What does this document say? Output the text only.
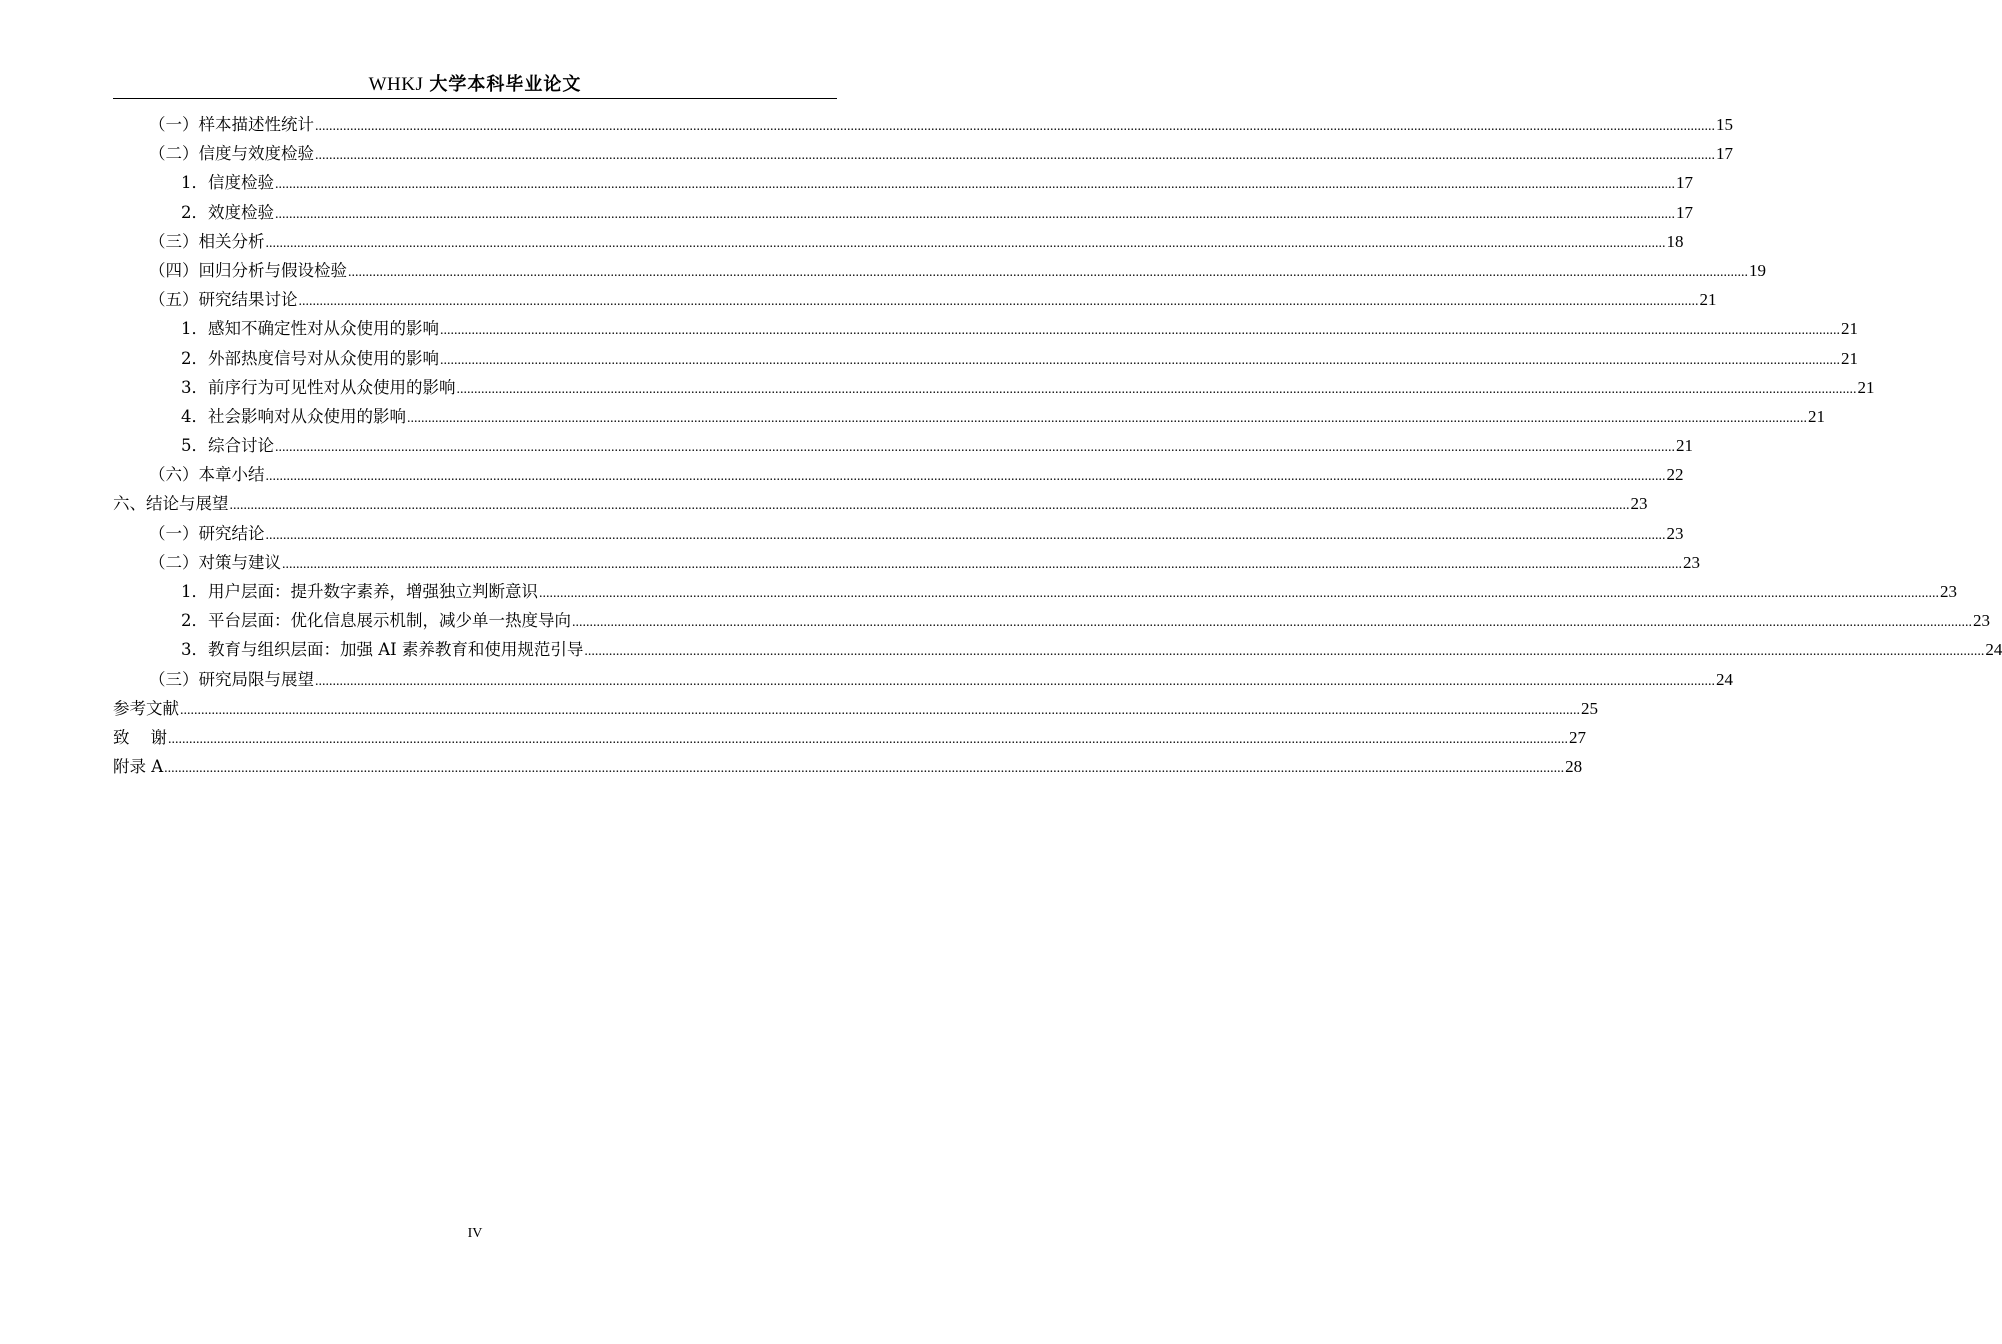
WHKJ 大学本科毕业论文
（一）样本描述性统计 ................................................................................................................................................................................................................................................................................................................................................................................................................ 15
（二）信度与效度检验 ................................................................................................................................................................................................................................................................................................................................................................................................................ 17
1．信度检验 ................................................................................................................................................................................................................................................................................................................................................................................................................ 17
2．效度检验 ................................................................................................................................................................................................................................................................................................................................................................................................................ 17
（三）相关分析 ................................................................................................................................................................................................................................................................................................................................................................................................................ 18
（四）回归分析与假设检验 ................................................................................................................................................................................................................................................................................................................................................................................................................ 19
（五）研究结果讨论 ................................................................................................................................................................................................................................................................................................................................................................................................................ 21
1．感知不确定性对从众使用的影响 ................................................................................................................................................................................................................................................................................................................................................................................................................ 21
2．外部热度信号对从众使用的影响 ................................................................................................................................................................................................................................................................................................................................................................................................................ 21
3．前序行为可见性对从众使用的影响 ................................................................................................................................................................................................................................................................................................................................................................................................................ 21
4．社会影响对从众使用的影响 ................................................................................................................................................................................................................................................................................................................................................................................................................ 21
5．综合讨论 ................................................................................................................................................................................................................................................................................................................................................................................................................ 21
（六）本章小结 ................................................................................................................................................................................................................................................................................................................................................................................................................ 22
六、结论与展望 ................................................................................................................................................................................................................................................................................................................................................................................................................ 23
（一）研究结论 ................................................................................................................................................................................................................................................................................................................................................................................................................ 23
（二）对策与建议 ................................................................................................................................................................................................................................................................................................................................................................................................................ 23
1．用户层面：提升数字素养，增强独立判断意识 ................................................................................................................................................................................................................................................................................................................................................................................................................ 23
2．平台层面：优化信息展示机制，减少单一热度导向 ................................................................................................................................................................................................................................................................................................................................................................................................................ 23
3．教育与组织层面：加强 AI 素养教育和使用规范引导 ................................................................................................................................................................................................................................................................................................................................................................................................................ 24
（三）研究局限与展望 ................................................................................................................................................................................................................................................................................................................................................................................................................ 24
参考文献 ................................................................................................................................................................................................................................................................................................................................................................................................................ 25
致    谢 ................................................................................................................................................................................................................................................................................................................................................................................................................ 27
附录 A ................................................................................................................................................................................................................................................................................................................................................................................................................ 28
IV
